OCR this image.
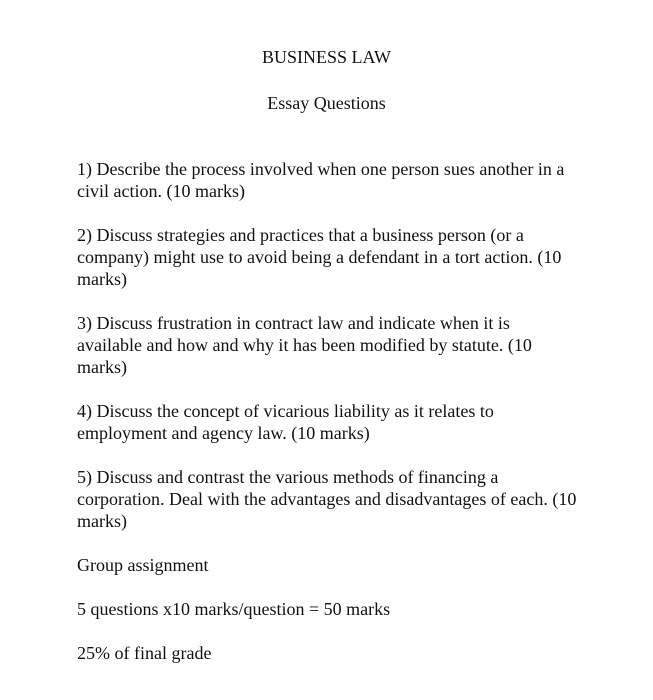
BUSINESS LAW
Essay Questions

1) Describe the process involved when one person sues another in a civil action. (10 marks)

2) Discuss strategies and practices that a business person (or a company) might use to avoid being a defendant in a tort action. (10 marks)

3) Discuss frustration in contract law and indicate when it is available and how and why it has been modified by statute. (10 marks)

4) Discuss the concept of vicarious liability as it relates to employment and agency law. (10 marks)

5) Discuss and contrast the various methods of financing a corporation. Deal with the advantages and disadvantages of each. (10 marks)

Group assignment

5 questions x10 marks/question = 50 marks

25% of final grade
